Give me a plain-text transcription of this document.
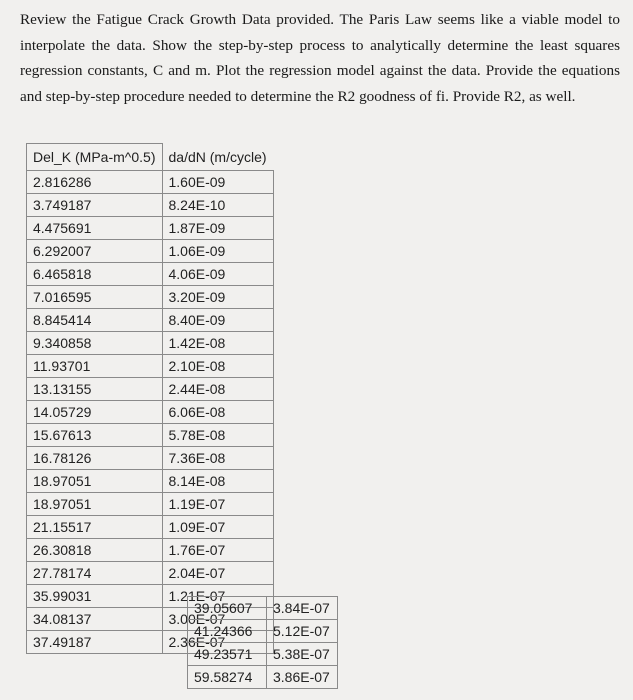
Review the Fatigue Crack Growth Data provided. The Paris Law seems like a viable model to interpolate the data. Show the step-by-step process to analytically determine the least squares regression constants, C and m. Plot the regression model against the data. Provide the equations and step-by-step procedure needed to determine the R2 goodness of fi. Provide R2, as well.
Del_K (MPa-m^0.5)	da/dN (m/cycle)
2.816286	1.60E-09
3.749187	8.24E-10
4.475691	1.87E-09
6.292007	1.06E-09
6.465818	4.06E-09
7.016595	3.20E-09
8.845414	8.40E-09
9.340858	1.42E-08
11.93701	2.10E-08
13.13155	2.44E-08
14.05729	6.06E-08
15.67613	5.78E-08
16.78126	7.36E-08
18.97051	8.14E-08
18.97051	1.19E-07
21.15517	1.09E-07
26.30818	1.76E-07
27.78174	2.04E-07
35.99031	1.21E-07
34.08137	3.00E-07
37.49187	2.36E-07
39.05607	3.84E-07
41.24366	5.12E-07
49.23571	5.38E-07
59.58274	3.86E-07
